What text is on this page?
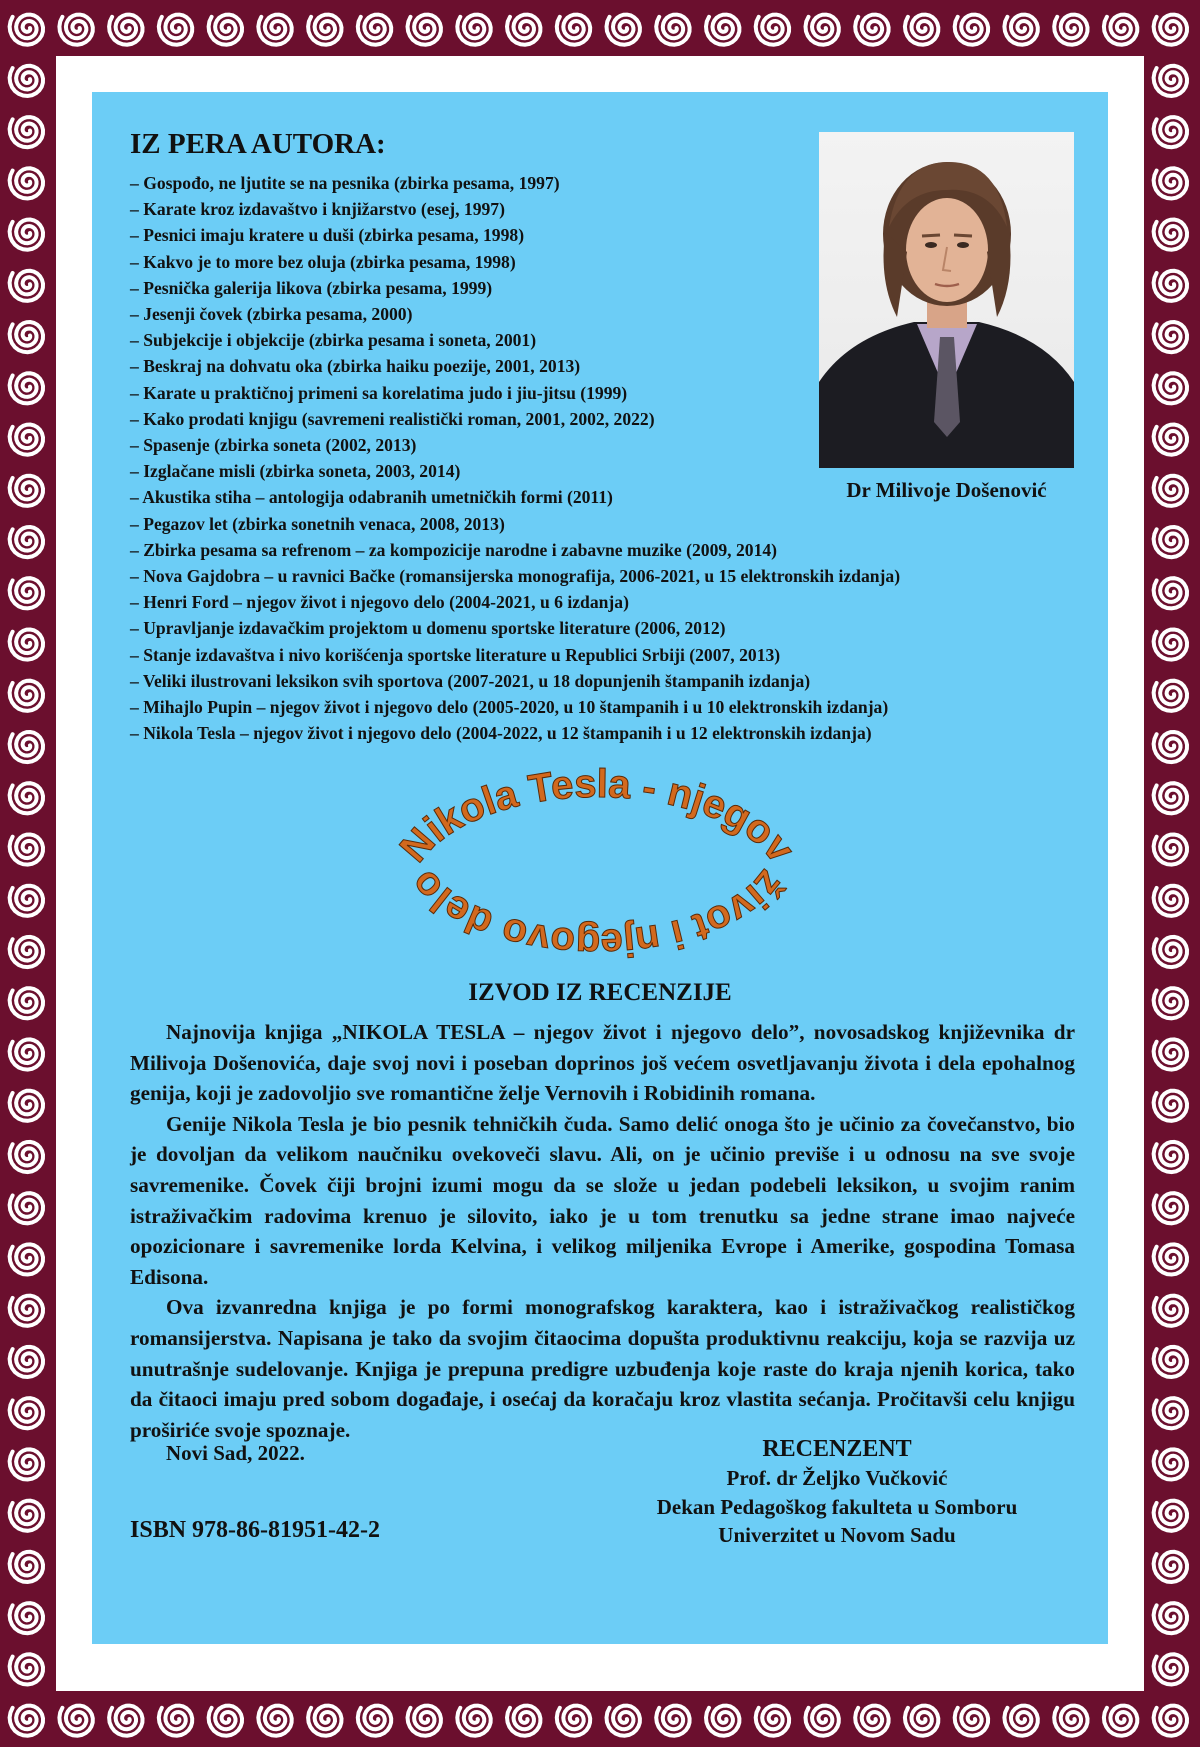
IZ PERA AUTORA:
– Gospođo, ne ljutite se na pesnika (zbirka pesama, 1997)
– Karate kroz izdavaštvo i knjižarstvo (esej, 1997)
– Pesnici imaju kratere u duši (zbirka pesama, 1998)
– Kakvo je to more bez oluja (zbirka pesama, 1998)
– Pesnička galerija likova (zbirka pesama, 1999)
– Jesenji čovek (zbirka pesama, 2000)
– Subjekcije i objekcije (zbirka pesama i soneta, 2001)
– Beskraj na dohvatu oka (zbirka haiku poezije, 2001, 2013)
– Karate u praktičnoj primeni sa korelatima judo i jiu-jitsu (1999)
– Kako prodati knjigu (savremeni realistički roman, 2001, 2002, 2022)
– Spasenje (zbirka soneta (2002, 2013)
– Izglačane misli (zbirka soneta, 2003, 2014)
– Akustika stiha – antologija odabranih umetničkih formi (2011)
– Pegazov let (zbirka sonetnih venaca, 2008, 2013)
– Zbirka pesama sa refrenom – za kompozicije narodne i zabavne muzike (2009, 2014)
– Nova Gajdobra – u ravnici Bačke (romansijerska monografija, 2006-2021, u 15 elektronskih izdanja)
– Henri Ford – njegov život i njegovo delo (2004-2021, u 6 izdanja)
– Upravljanje izdavačkim projektom u domenu sportske literature (2006, 2012)
– Stanje izdavaštva i nivo korišćenja sportske literature u Republici Srbiji (2007, 2013)
– Veliki ilustrovani leksikon svih sportova (2007-2021, u 18 dopunjenih štampanih izdanja)
– Mihajlo Pupin – njegov život i njegovo delo (2005-2020, u 10 štampanih i u 10 elektronskih izdanja)
– Nikola Tesla – njegov život i njegovo delo (2004-2022, u 12 štampanih i u 12 elektronskih izdanja)

Dr Milivoje Došenović

Nikola Tesla - njegov
život i njegovo delo
IZVOD IZ RECENZIJE

Najnovija knjiga „NIKOLA TESLA – njegov život i njegovo delo”, novosadskog književnika dr Milivoja Došenovića, daje svoj novi i poseban doprinos još većem osvetljavanju života i dela epohalnog genija, koji je zadovoljio sve romantične želje Vernovih i Robidinih romana.

Genije Nikola Tesla je bio pesnik tehničkih čuda. Samo delić onoga što je učinio za čovečanstvo, bio je dovoljan da velikom naučniku ovekoveči slavu. Ali, on je učinio previše i u odnosu na sve svoje savremenike. Čovek čiji brojni izumi mogu da se slože u jedan podebeli leksikon, u svojim ranim istraživačkim radovima krenuo je silovito, iako je u tom trenutku sa jedne strane imao najveće opozicionare i savremenike lorda Kelvina, i velikog miljenika Evrope i Amerike, gospodina Tomasa Edisona.

Ova izvanredna knjiga je po formi monografskog karaktera, kao i istraživačkog realističkog romansijerstva. Napisana je tako da svojim čitaocima dopušta produktivnu reakciju, koja se razvija uz unutrašnje sudelovanje. Knjiga je prepuna predigre uzbuđenja koje raste do kraja njenih korica, tako da čitaoci imaju pred sobom događaje, i osećaj da koračaju kroz vlastita sećanja. Pročitavši celu knjigu proširiće svoje spoznaje.

Novi Sad, 2022.

ISBN 978-86-81951-42-2

RECENZENT
Prof. dr Željko Vučković
Dekan Pedagoškog fakulteta u Somboru
Univerzitet u Novom Sadu
